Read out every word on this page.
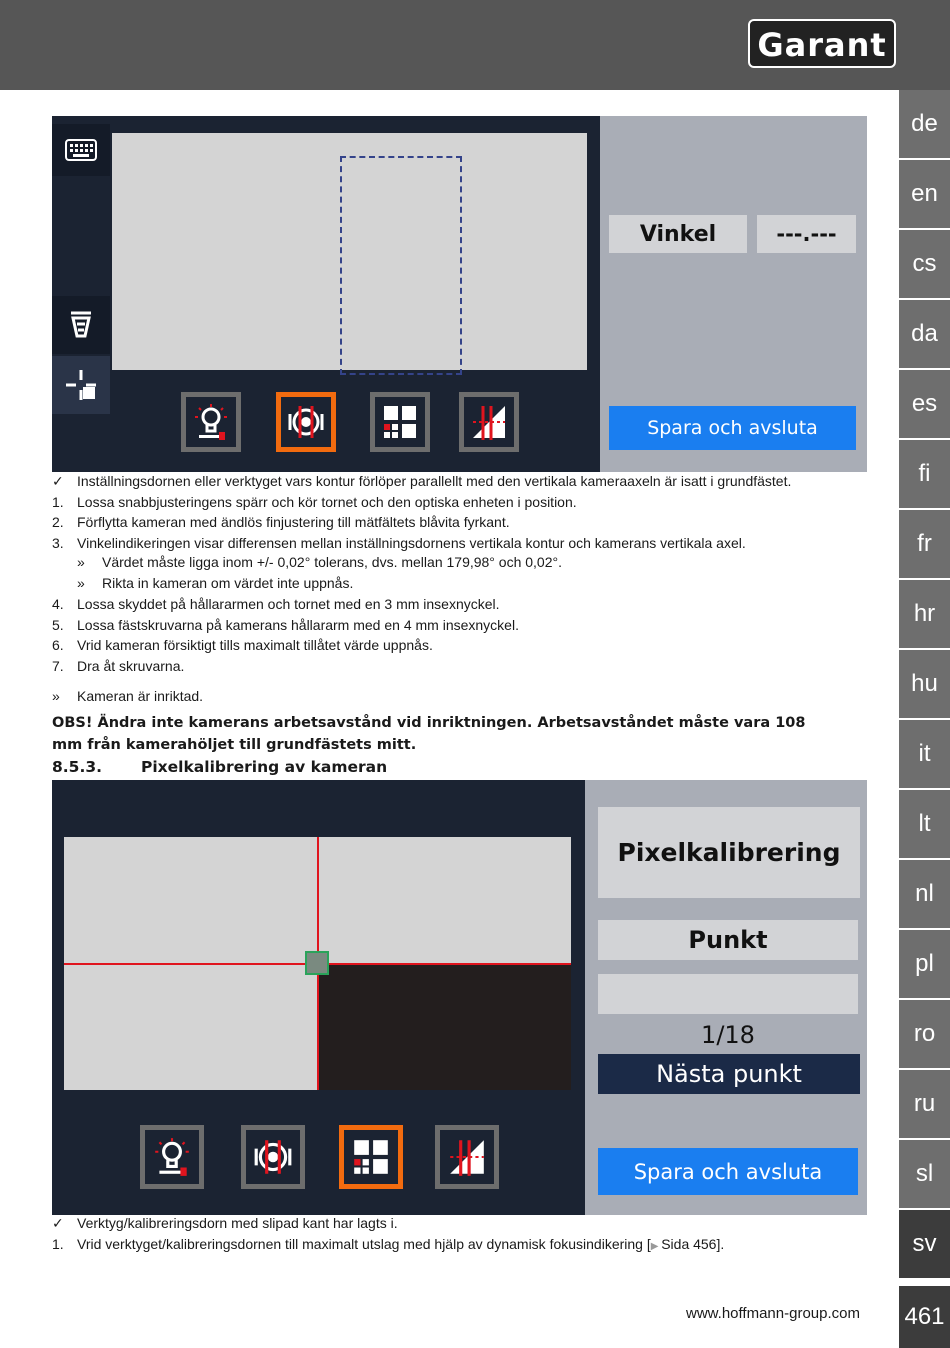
Garant
de
en
cs
da
es
fi
fr
hr
hu
it
lt
nl
pl
ro
ru
sl
sv
461
Vinkel	---.---
Spara och avsluta
✓ Inställningsdornen eller verktyget vars kontur förlöper parallellt med den vertikala kameraaxeln är isatt i grundfästet.
1. Lossa snabbjusteringens spärr och kör tornet och den optiska enheten i position.
2. Förflytta kameran med ändlös finjustering till mätfältets blåvita fyrkant.
3. Vinkelindikeringen visar differensen mellan inställningsdornens vertikala kontur och kamerans vertikala axel.
» Värdet måste ligga inom +/- 0,02° tolerans, dvs. mellan 179,98° och 0,02°.
» Rikta in kameran om värdet inte uppnås.
4. Lossa skyddet på hållararmen och tornet med en 3 mm insexnyckel.
5. Lossa fästskruvarna på kamerans hållararm med en 4 mm insexnyckel.
6. Vrid kameran försiktigt tills maximalt tillåtet värde uppnås.
7. Dra åt skruvarna.
» Kameran är inriktad.
OBS! Ändra inte kamerans arbetsavstånd vid inriktningen. Arbetsavståndet måste vara 108 mm från kamerahöljet till grundfästets mitt.
8.5.3.	Pixelkalibrering av kameran
Pixelkalibrering
Punkt
1/18
Nästa punkt
Spara och avsluta
✓ Verktyg/kalibreringsdorn med slipad kant har lagts i.
1. Vrid verktyget/kalibreringsdornen till maximalt utslag med hjälp av dynamisk fokusindikering [▶ Sida 456].
www.hoffmann-group.com
